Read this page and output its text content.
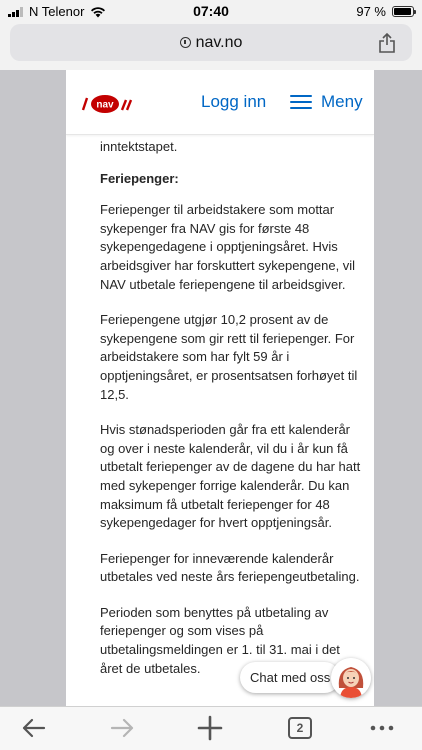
N Telenor	07:40	97 %
nav.no
nav	Logg inn	Meny

inntektstapet.

Feriepenger:

Feriepenger til arbeidstakere som mottar sykepenger fra NAV gis for første 48 sykepengedagene i opptjeningsåret. Hvis arbeidsgiver har forskuttert sykepengene, vil NAV utbetale feriepengene til arbeidsgiver.

Feriepengene utgjør 10,2 prosent av de sykepengene som gir rett til feriepenger. For arbeidstakere som har fylt 59 år i opptjeningsåret, er prosentsatsen forhøyet til 12,5.

Hvis stønadsperioden går fra ett kalenderår og over i neste kalenderår, vil du i år kun få utbetalt feriepenger av de dagene du har hatt med sykepenger forrige kalenderår. Du kan maksimum få utbetalt feriepenger for 48 sykepengedager for hvert opptjeningsår.

Feriepenger for inneværende kalenderår utbetales ved neste års feriepengeutbetaling.

Perioden som benyttes på utbetaling av feriepenger og som vises på utbetalingsmeldingen er 1. til 31. mai i det året de utbetales.

Chat med oss
2
